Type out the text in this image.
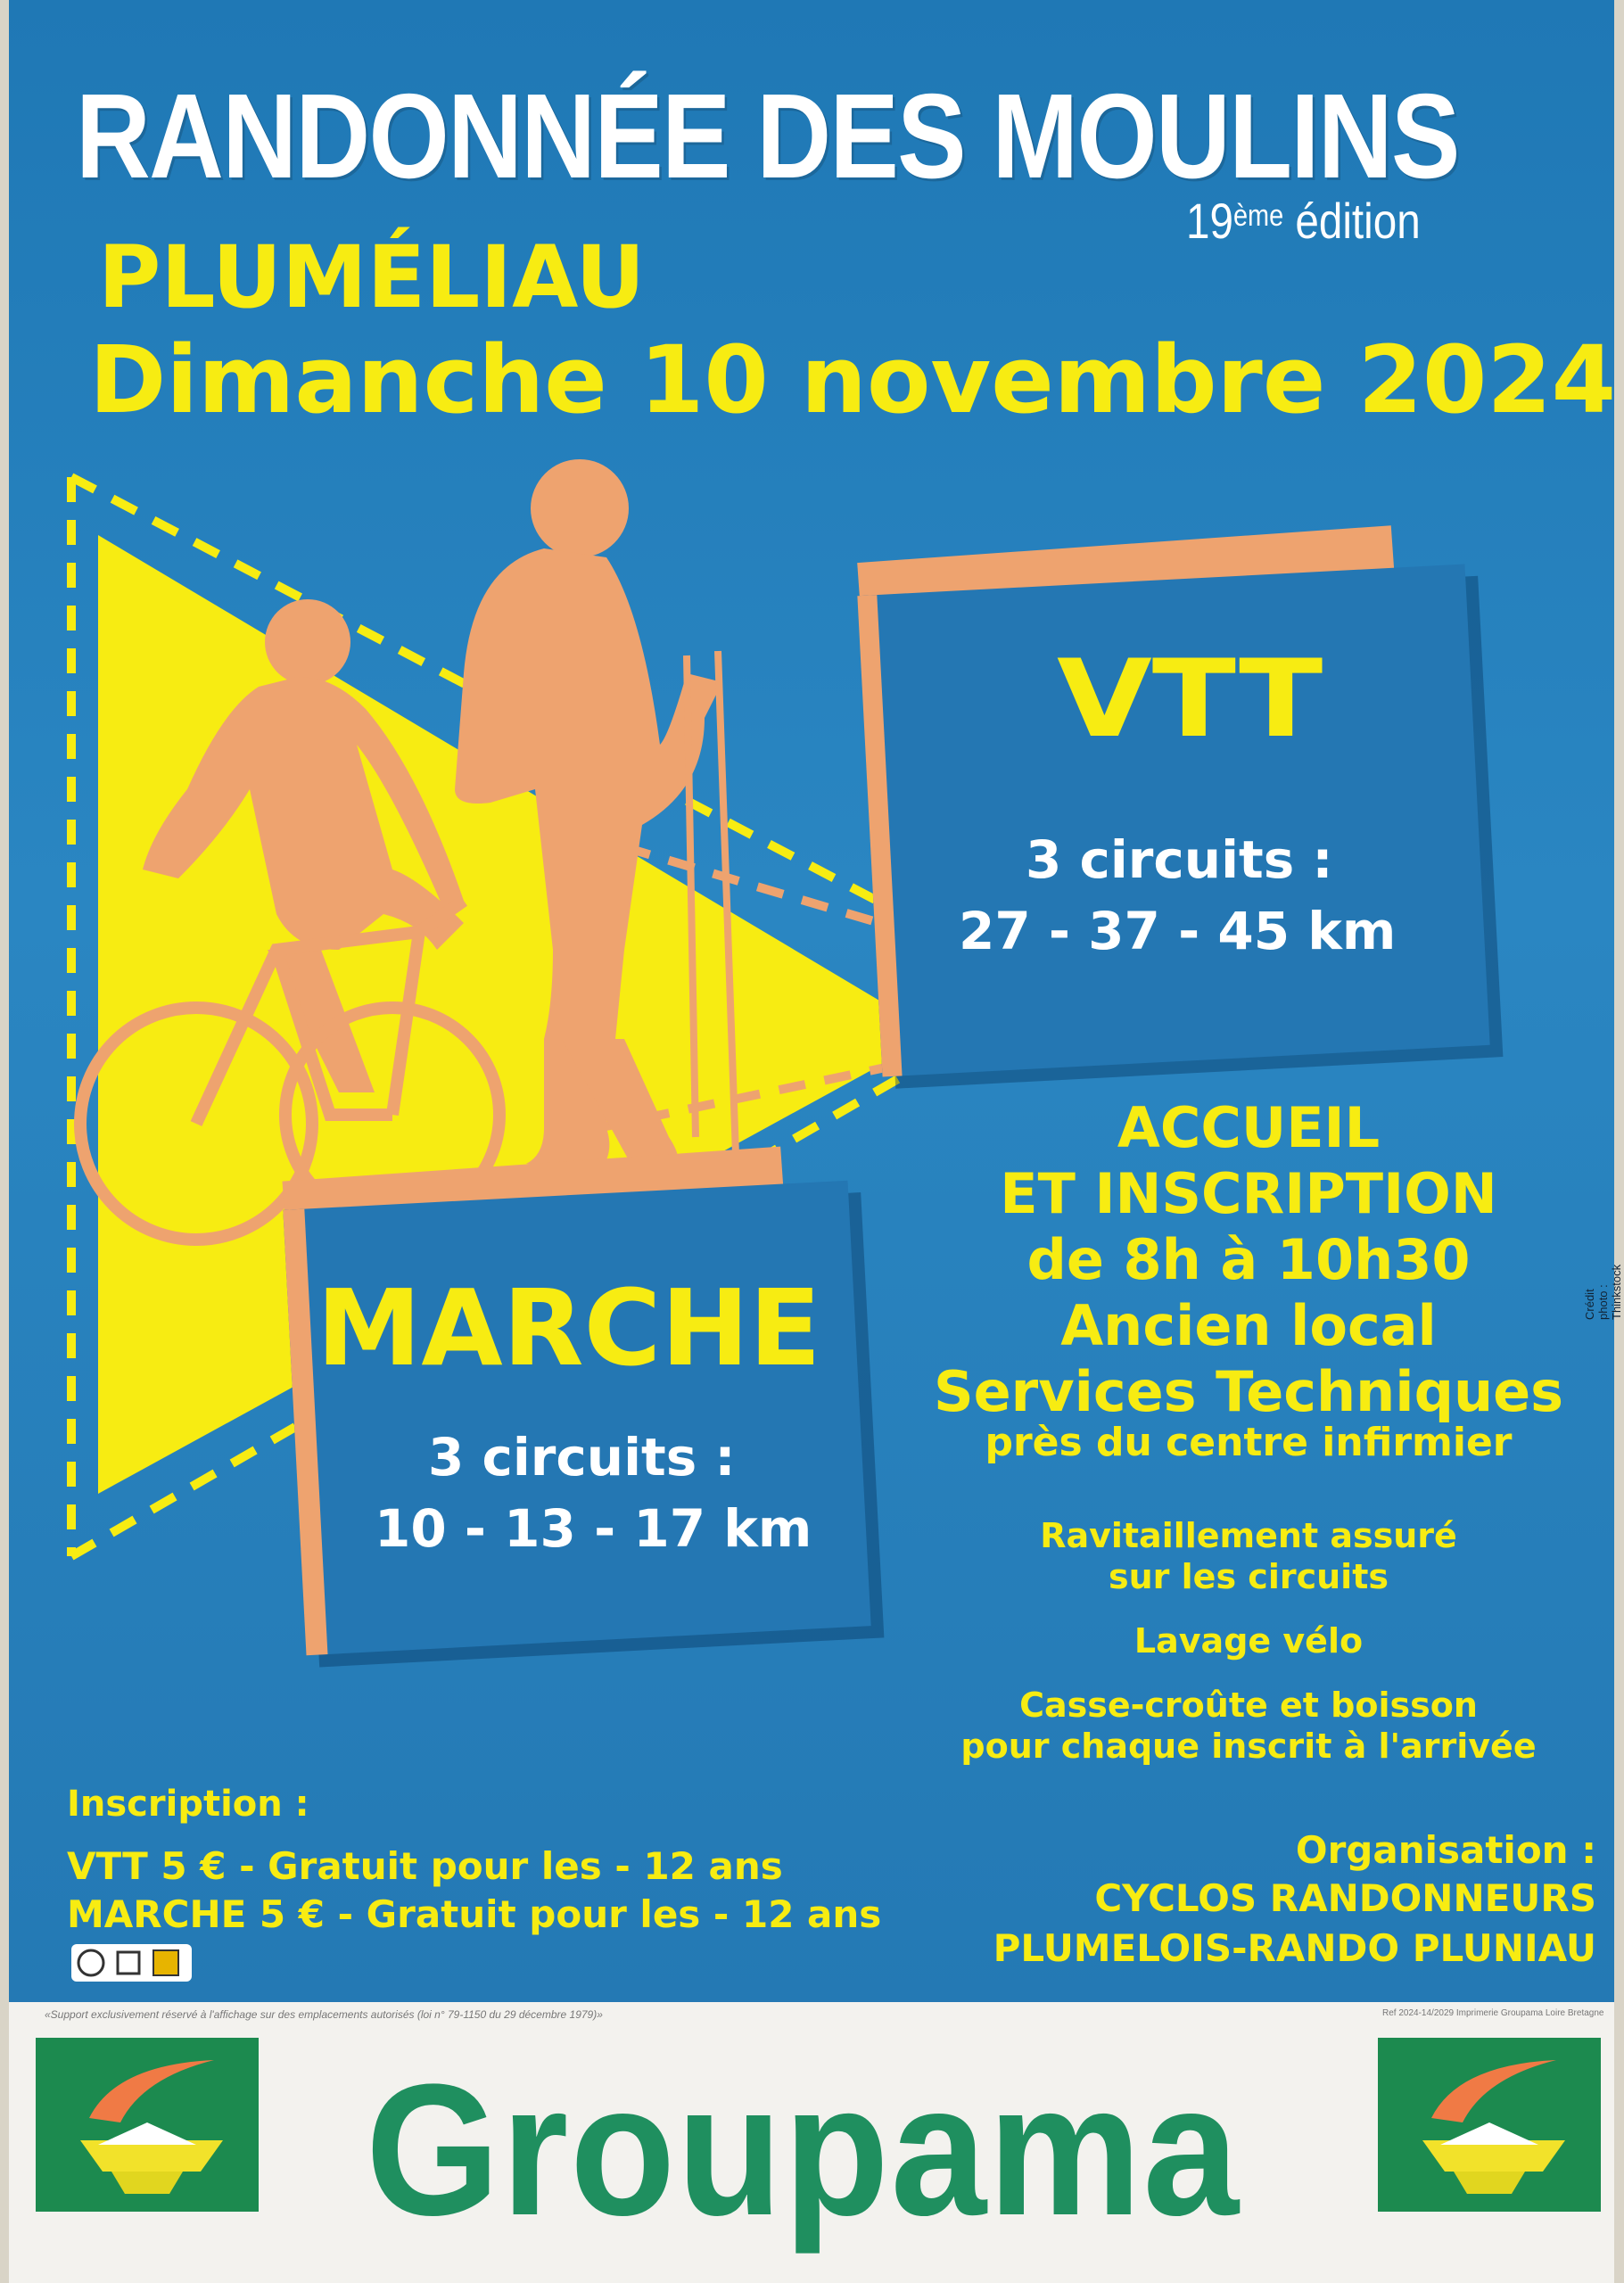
RANDONNÉE DES MOULINS
19ème édition
PLUMÉLIAU
Dimanche 10 novembre 2024
VTT
3 circuits :
27 - 37 - 45 km
MARCHE
3 circuits :
10 - 13 - 17 km
ACCUEIL
ET INSCRIPTION
de 8h à 10h30
Ancien local
Services Techniques
près du centre infirmier
Ravitaillement assuré
sur les circuits
Lavage vélo
Casse-croûte et boisson
pour chaque inscrit à l'arrivée
Inscription :
VTT 5 € - Gratuit pour les - 12 ans
MARCHE 5 € - Gratuit pour les - 12 ans
Organisation :
CYCLOS RANDONNEURS
PLUMELOIS-RANDO PLUNIAU
Crédit photo : Thinkstock
«Support exclusivement réservé à l'affichage sur des emplacements autorisés (loi n° 79-1150 du 29 décembre 1979)»	Ref 2024-14/2029 Imprimerie Groupama Loire Bretagne
Groupama
